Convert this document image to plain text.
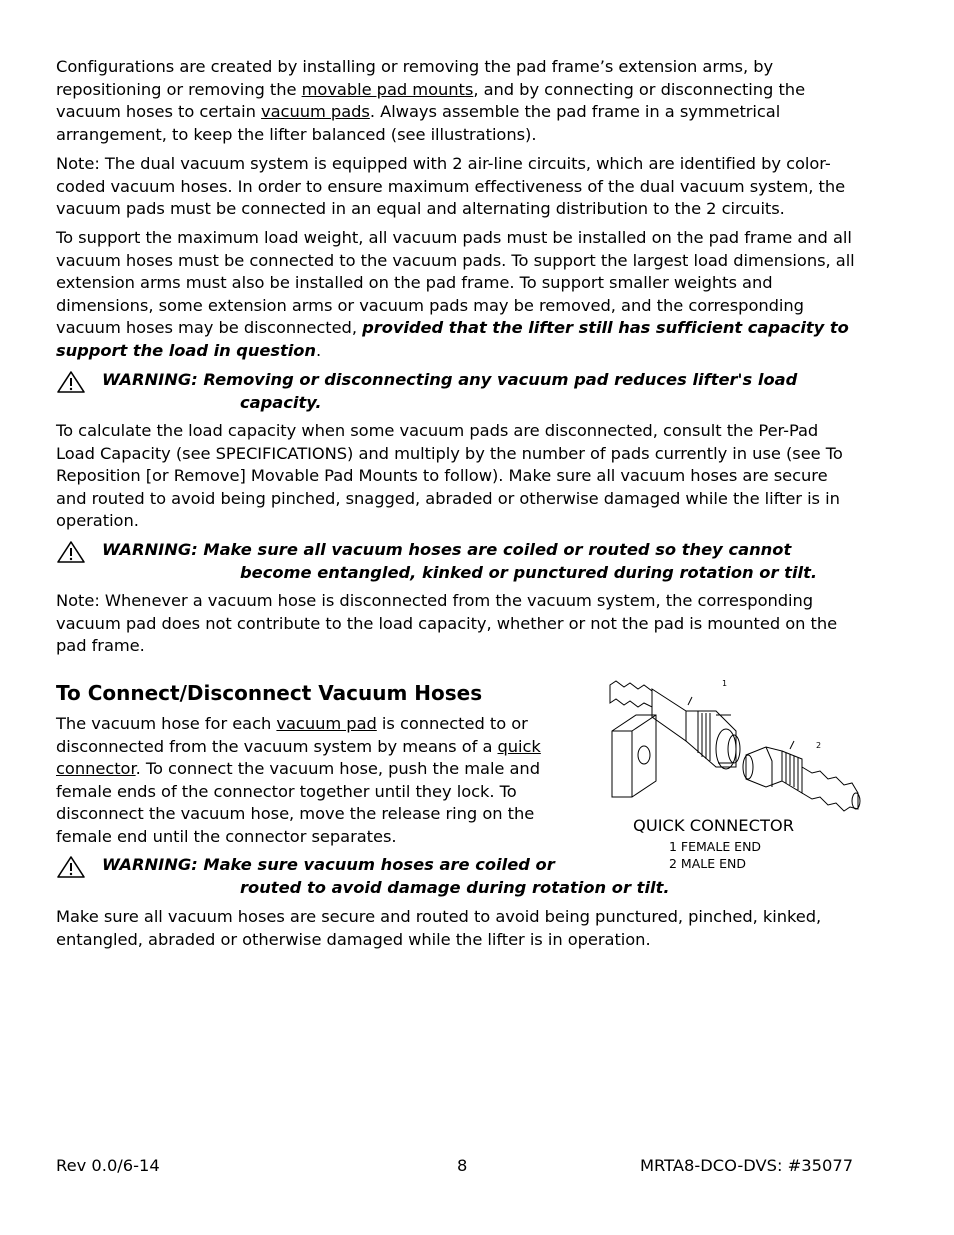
Configurations are created by installing or removing the pad frame’s extension arms, by repositioning or removing the movable pad mounts, and by connecting or disconnecting the vacuum hoses to certain vacuum pads. Always assemble the pad frame in a symmetrical arrangement, to keep the lifter balanced (see illustrations).

Note: The dual vacuum system is equipped with 2 air-line circuits, which are identified by color-coded vacuum hoses. In order to ensure maximum effectiveness of the dual vacuum system, the vacuum pads must be connected in an equal and alternating distribution to the 2 circuits.

To support the maximum load weight, all vacuum pads must be installed on the pad frame and all vacuum hoses must be connected to the vacuum pads. To support the largest load dimensions, all extension arms must also be installed on the pad frame. To support smaller weights and dimensions, some extension arms or vacuum pads may be removed, and the corresponding vacuum hoses may be disconnected, provided that the lifter still has sufficient capacity to support the load in question.

WARNING: Removing or disconnecting any vacuum pad reduces lifter's load
capacity.

To calculate the load capacity when some vacuum pads are disconnected, consult the Per-Pad Load Capacity (see SPECIFICATIONS) and multiply by the number of pads currently in use (see To Reposition [or Remove] Movable Pad Mounts to follow). Make sure all vacuum hoses are secure and routed to avoid being pinched, snagged, abraded or otherwise damaged while the lifter is in operation.

WARNING: Make sure all vacuum hoses are coiled or routed so they cannot
become entangled, kinked or punctured during rotation or tilt.

Note: Whenever a vacuum hose is disconnected from the vacuum system, the corresponding vacuum pad does not contribute to the load capacity, whether or not the pad is mounted on the pad frame.

To Connect/Disconnect Vacuum Hoses

The vacuum hose for each vacuum pad is connected to or disconnected from the vacuum system by means of a quick
connector. To connect the vacuum hose, push the male and female ends of the connector together until they lock. To disconnect the vacuum hose, move the release ring on the female end until the connector separates.

1
2
QUICK CONNECTOR
1 FEMALE END
2 MALE END
WARNING: Make sure vacuum hoses are coiled or
routed to avoid damage during rotation or tilt.

Make sure all vacuum hoses are secure and routed to avoid being punctured, pinched, kinked, entangled, abraded or otherwise damaged while the lifter is in operation.

Rev 0.0/6-14	8	MRTA8-DCO-DVS: #35077
